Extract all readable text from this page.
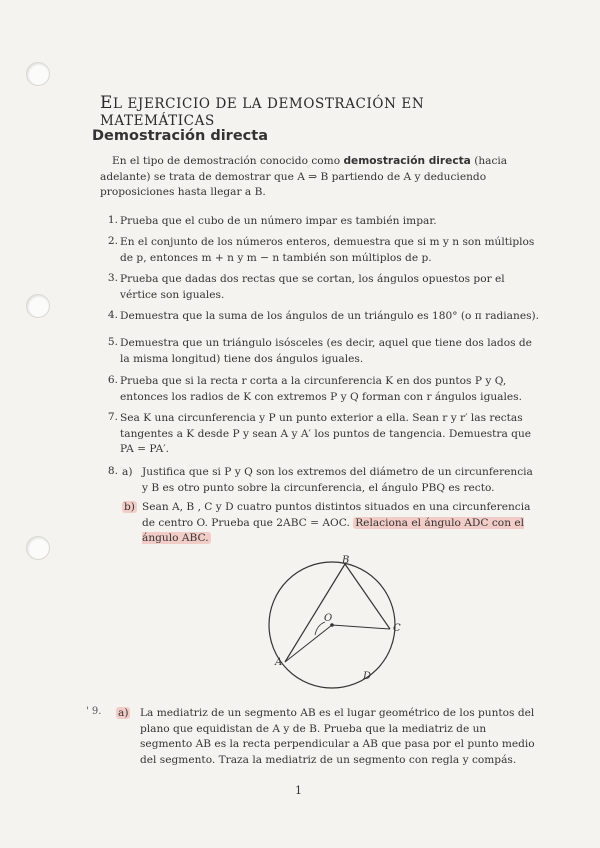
EL EJERCICIO DE LA DEMOSTRACIÓN EN MATEMÁTICAS
Demostración directa
En el tipo de demostración conocido como demostración directa (hacia adelante) se trata de demostrar que A ⇒ B partiendo de A y deduciendo proposiciones hasta llegar a B.
1. Prueba que el cubo de un número impar es también impar.
2. En el conjunto de los números enteros, demuestra que si m y n son múltiplos de p, entonces m + n y m − n también son múltiplos de p.
3. Prueba que dadas dos rectas que se cortan, los ángulos opuestos por el vértice son iguales.
4. Demuestra que la suma de los ángulos de un triángulo es 180° (o π radianes).
5. Demuestra que un triángulo isósceles (es decir, aquel que tiene dos lados de la misma longitud) tiene dos ángulos iguales.
6. Prueba que si la recta r corta a la circunferencia K en dos puntos P y Q, entonces los radios de K con extremos P y Q forman con r ángulos iguales.
7. Sea K una circunferencia y P un punto exterior a ella. Sean r y r′ las rectas tangentes a K desde P y sean A y A′ los puntos de tangencia. Demuestra que PA = PA′.
8. a) Justifica que si P y Q son los extremos del diámetro de un circunferencia y B es otro punto sobre la circunferencia, el ángulo PBQ es recto.
b) Sean A, B , C y D cuatro puntos distintos situados en una circunferencia de centro O. Prueba que 2ABC = AOC. Relaciona el ángulo ADC con el ángulo ABC.
B
C
O
A
D
' 9. a)	La mediatriz de un segmento AB es el lugar geométrico de los puntos del plano que equidistan de A y de B. Prueba que la mediatriz de un segmento AB es la recta perpendicular a AB que pasa por el punto medio del segmento. Traza la mediatriz de un segmento con regla y compás.
1
